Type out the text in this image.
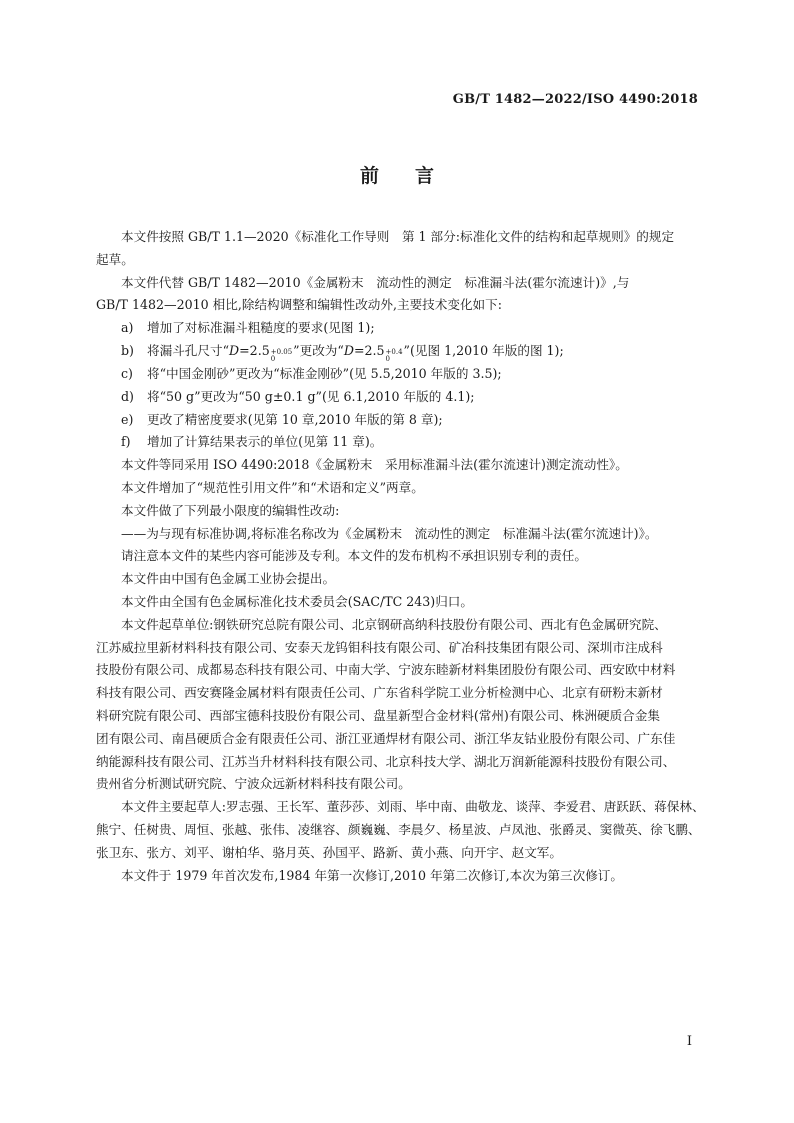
GB/T 1482—2022/ISO 4490:2018
前言
本文件按照 GB/T 1.1—2020《标准化工作导则　第 1 部分:标准化文件的结构和起草规则》的规定
起草。
本文件代替 GB/T 1482—2010《金属粉末　流动性的测定　标准漏斗法(霍尔流速计)》,与
GB/T 1482—2010 相比,除结构调整和编辑性改动外,主要技术变化如下:
a) 增加了对标准漏斗粗糙度的要求(见图 1);
b) 将漏斗孔尺寸“D=2.5 +0.05
0
”更改为“D=2.5 +0.4
0
”(见图 1,2010 年版的图 1);
c) 将“中国金刚砂”更改为“标准金刚砂”(见 5.5,2010 年版的 3.5);
d) 将“50 g”更改为“50 g±0.1 g”(见 6.1,2010 年版的 4.1);
e) 更改了精密度要求(见第 10 章,2010 年版的第 8 章);
f) 增加了计算结果表示的单位(见第 11 章)。
本文件等同采用 ISO 4490:2018《金属粉末　采用标准漏斗法(霍尔流速计)测定流动性》。
本文件增加了“规范性引用文件”和“术语和定义”两章。
本文件做了下列最小限度的编辑性改动:
——为与现有标准协调,将标准名称改为《金属粉末　流动性的测定　标准漏斗法(霍尔流速计)》。
请注意本文件的某些内容可能涉及专利。本文件的发布机构不承担识别专利的责任。
本文件由中国有色金属工业协会提出。
本文件由全国有色金属标准化技术委员会(SAC/TC 243)归口。
本文件起草单位:钢铁研究总院有限公司、北京钢研高纳科技股份有限公司、西北有色金属研究院、
江苏威拉里新材料科技有限公司、安泰天龙钨钼科技有限公司、矿冶科技集团有限公司、深圳市注成科
技股份有限公司、成都易态科技有限公司、中南大学、宁波东睦新材料集团股份有限公司、西安欧中材料
科技有限公司、西安赛隆金属材料有限责任公司、广东省科学院工业分析检测中心、北京有研粉末新材
料研究院有限公司、西部宝德科技股份有限公司、盘星新型合金材料(常州)有限公司、株洲硬质合金集
团有限公司、南昌硬质合金有限责任公司、浙江亚通焊材有限公司、浙江华友钴业股份有限公司、广东佳
纳能源科技有限公司、江苏当升材料科技有限公司、北京科技大学、湖北万润新能源科技股份有限公司、
贵州省分析测试研究院、宁波众远新材料科技有限公司。
本文件主要起草人:罗志强、王长军、董莎莎、刘雨、毕中南、曲敬龙、谈萍、李爱君、唐跃跃、蒋保林、
熊宁、任树贵、周恒、张越、张伟、凌继容、颜巍巍、李晨夕、杨星波、卢凤池、张爵灵、窦微英、徐飞鹏、
张卫东、张方、刘平、谢柏华、骆月英、孙国平、路新、黄小燕、向开宇、赵文军。
本文件于 1979 年首次发布,1984 年第一次修订,2010 年第二次修订,本次为第三次修订。
I
